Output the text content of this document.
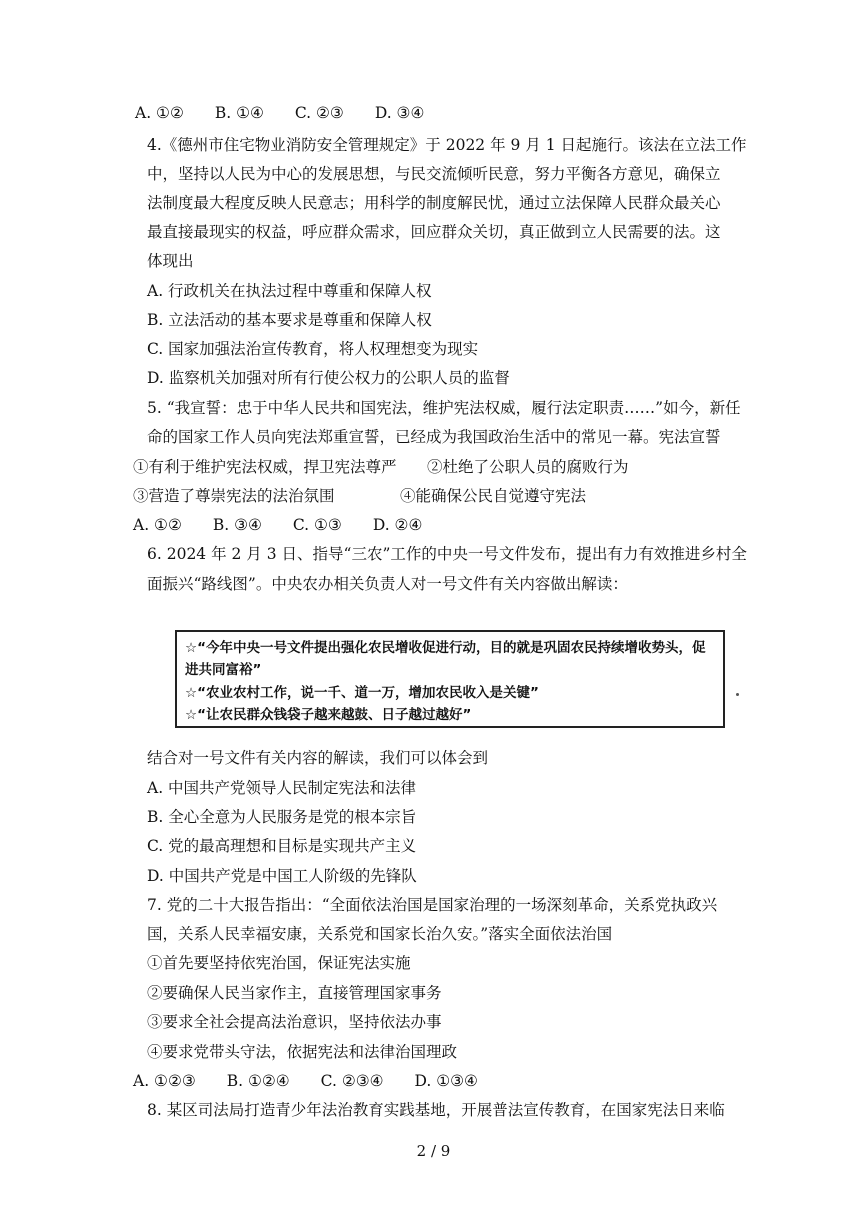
A. ①②　　B. ①④　　C. ②③　　D. ③④
4.《德州市住宅物业消防安全管理规定》于 2022 年 9 月 1 日起施行。该法在立法工作
中，坚持以人民为中心的发展思想，与民交流倾听民意，努力平衡各方意见，确保立
法制度最大程度反映人民意志；用科学的制度解民忧，通过立法保障人民群众最关心
最直接最现实的权益，呼应群众需求，回应群众关切，真正做到立人民需要的法。这
体现出
A. 行政机关在执法过程中尊重和保障人权
B. 立法活动的基本要求是尊重和保障人权
C. 国家加强法治宣传教育，将人权理想变为现实
D. 监察机关加强对所有行使公权力的公职人员的监督
5. “我宣誓：忠于中华人民共和国宪法，维护宪法权威，履行法定职责……”如今，新任
命的国家工作人员向宪法郑重宣誓，已经成为我国政治生活中的常见一幕。宪法宣誓
①有利于维护宪法权威，捍卫宪法尊严 ②杜绝了公职人员的腐败行为
③营造了尊崇宪法的法治氛围	④能确保公民自觉遵守宪法
A. ①②　　B. ③④　　C. ①③　　D. ②④
6. 2024 年 2 月 3 日、指导“三农”工作的中央一号文件发布，提出有力有效推进乡村全
面振兴“路线图”。中央农办相关负责人对一号文件有关内容做出解读：
☆“今年中央一号文件提出强化农民增收促进行动，目的就是巩固农民持续增收势头，促
进共同富裕”
☆“农业农村工作，说一千、道一万，增加农民收入是关键”
☆“让农民群众钱袋子越来越鼓、日子越过越好”
结合对一号文件有关内容的解读，我们可以体会到
A. 中国共产党领导人民制定宪法和法律
B. 全心全意为人民服务是党的根本宗旨
C. 党的最高理想和目标是实现共产主义
D. 中国共产党是中国工人阶级的先锋队
7. 党的二十大报告指出：“全面依法治国是国家治理的一场深刻革命，关系党执政兴
国，关系人民幸福安康，关系党和国家长治久安。”落实全面依法治国
①首先要坚持依宪治国，保证宪法实施
②要确保人民当家作主，直接管理国家事务
③要求全社会提高法治意识，坚持依法办事
④要求党带头守法，依据宪法和法律治国理政
A. ①②③　　B. ①②④　　C. ②③④　　D. ①③④
8. 某区司法局打造青少年法治教育实践基地，开展普法宣传教育，在国家宪法日来临
2 / 9
